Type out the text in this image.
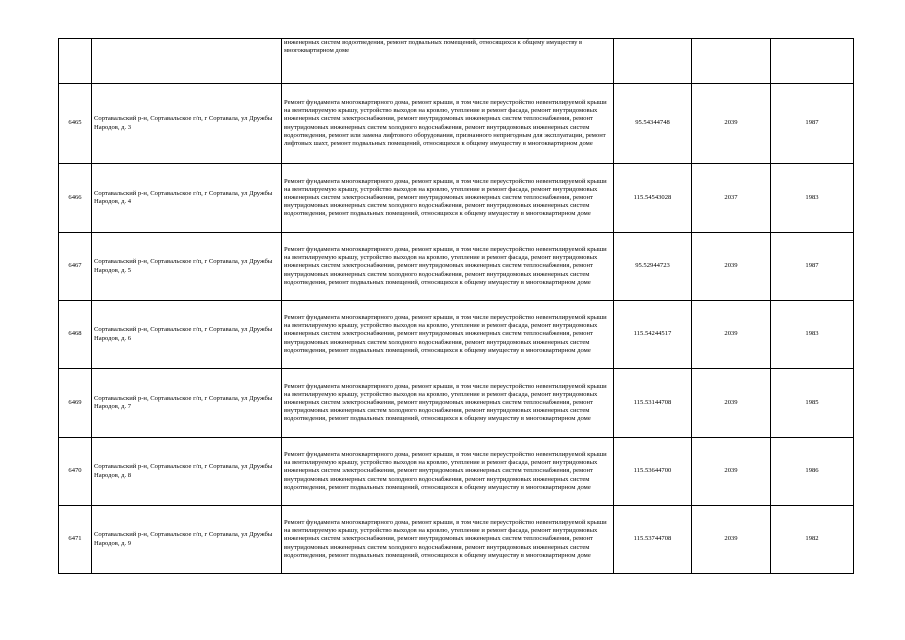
		инженерных систем водоотведения, ремонт подвальных помещений, относящихся к общему имуществу в многоквартирном доме			
6465	Сортавальский р-н, Сортавальское г/п, г Сортавала, ул Дружбы Народов, д. 3	Ремонт фундамента многоквартирного дома, ремонт крыши, в том числе переустройство невентилируемой крыши на вентилируемую крышу, устройство выходов на кровлю, утепление и ремонт фасада, ремонт внутридомовых инженерных систем электроснабжения, ремонт внутридомовых инженерных систем теплоснабжения, ремонт внутридомовых инженерных систем холодного водоснабжения, ремонт внутридомовых инженерных систем водоотведения, ремонт или замена лифтового оборудования, признанного непригодным для эксплуатации, ремонт лифтовых шахт, ремонт подвальных помещений, относящихся к общему имуществу в многоквартирном доме	95.54344748	2039	1987
6466	Сортавальский р-н, Сортавальское г/п, г Сортавала, ул Дружбы Народов, д. 4	Ремонт фундамента многоквартирного дома, ремонт крыши, в том числе переустройство невентилируемой крыши на вентилируемую крышу, устройство выходов на кровлю, утепление и ремонт фасада, ремонт внутридомовых инженерных систем электроснабжения, ремонт внутридомовых инженерных систем теплоснабжения, ремонт внутридомовых инженерных систем холодного водоснабжения, ремонт внутридомовых инженерных систем водоотведения, ремонт подвальных помещений, относящихся к общему имуществу в многоквартирном доме	115.54543028	2037	1983
6467	Сортавальский р-н, Сортавальское г/п, г Сортавала, ул Дружбы Народов, д. 5	Ремонт фундамента многоквартирного дома, ремонт крыши, в том числе переустройство невентилируемой крыши на вентилируемую крышу, устройство выходов на кровлю, утепление и ремонт фасада, ремонт внутридомовых инженерных систем электроснабжения, ремонт внутридомовых инженерных систем теплоснабжения, ремонт внутридомовых инженерных систем холодного водоснабжения, ремонт внутридомовых инженерных систем водоотведения, ремонт подвальных помещений, относящихся к общему имуществу в многоквартирном доме	95.52944723	2039	1987
6468	Сортавальский р-н, Сортавальское г/п, г Сортавала, ул Дружбы Народов, д. 6	Ремонт фундамента многоквартирного дома, ремонт крыши, в том числе переустройство невентилируемой крыши на вентилируемую крышу, устройство выходов на кровлю, утепление и ремонт фасада, ремонт внутридомовых инженерных систем электроснабжения, ремонт внутридомовых инженерных систем теплоснабжения, ремонт внутридомовых инженерных систем холодного водоснабжения, ремонт внутридомовых инженерных систем водоотведения, ремонт подвальных помещений, относящихся к общему имуществу в многоквартирном доме	115.54244517	2039	1983
6469	Сортавальский р-н, Сортавальское г/п, г Сортавала, ул Дружбы Народов, д. 7	Ремонт фундамента многоквартирного дома, ремонт крыши, в том числе переустройство невентилируемой крыши на вентилируемую крышу, устройство выходов на кровлю, утепление и ремонт фасада, ремонт внутридомовых инженерных систем электроснабжения, ремонт внутридомовых инженерных систем теплоснабжения, ремонт внутридомовых инженерных систем холодного водоснабжения, ремонт внутридомовых инженерных систем водоотведения, ремонт подвальных помещений, относящихся к общему имуществу в многоквартирном доме	115.53144708	2039	1985
6470	Сортавальский р-н, Сортавальское г/п, г Сортавала, ул Дружбы Народов, д. 8	Ремонт фундамента многоквартирного дома, ремонт крыши, в том числе переустройство невентилируемой крыши на вентилируемую крышу, устройство выходов на кровлю, утепление и ремонт фасада, ремонт внутридомовых инженерных систем электроснабжения, ремонт внутридомовых инженерных систем теплоснабжения, ремонт внутридомовых инженерных систем холодного водоснабжения, ремонт внутридомовых инженерных систем водоотведения, ремонт подвальных помещений, относящихся к общему имуществу в многоквартирном доме	115.53644700	2039	1986
6471	Сортавальский р-н, Сортавальское г/п, г Сортавала, ул Дружбы Народов, д. 9	Ремонт фундамента многоквартирного дома, ремонт крыши, в том числе переустройство невентилируемой крыши на вентилируемую крышу, устройство выходов на кровлю, утепление и ремонт фасада, ремонт внутридомовых инженерных систем электроснабжения, ремонт внутридомовых инженерных систем теплоснабжения, ремонт внутридомовых инженерных систем холодного водоснабжения, ремонт внутридомовых инженерных систем водоотведения, ремонт подвальных помещений, относящихся к общему имуществу в многоквартирном доме	115.53744708	2039	1982
